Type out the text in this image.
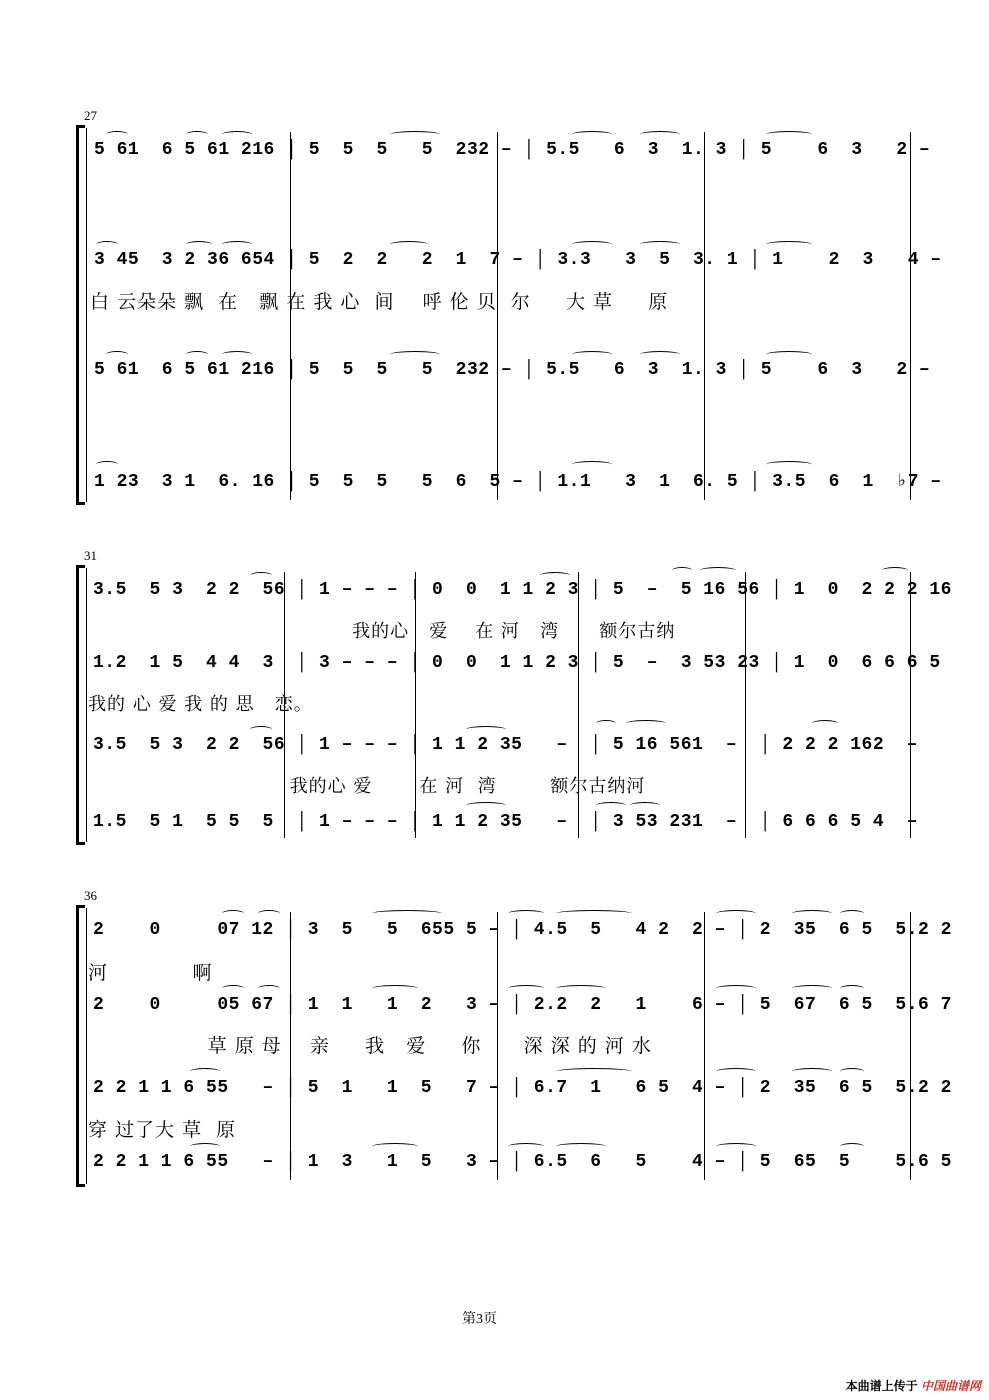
27
5 61  6 5 61 216 │ 5  5  5   5  232 – │ 5.5   6  3  1. 3 │ 5    6  3   2 –
3 45  3 2 36 654 │ 5  2  2   2  1  7 – │ 3.3   3  5  3. 1 │ 1    2  3   4 –
白 云朵朵 飘  在   飘 在 我 心  间    呼 伦 贝  尔     大 草     原
5 61  6 5 61 216 │ 5  5  5   5  232 – │ 5.5   6  3  1. 3 │ 5    6  3   2 –
1 23  3 1  6. 16 │ 5  5  5   5  6  5 – │ 1.1   3  1  6. 5 │ 3.5  6  1  ♭7 –
31
3.5  5 3  2 2  56 │ 1 – – – │ 0  0  1 1 2 3 │ 5  –  5 16 56 │ 1  0  2 2 2 16
我的心   爱    在 河   湾      额尔古纳
1.2  1 5  4 4  3  │ 3 – – – │ 0  0  1 1 2 3 │ 5  –  3 53 23 │ 1  0  6 6 6 5
我的 心 爱 我 的 思   恋。
3.5  5 3  2 2  56 │ 1 – – – │ 1 1 2 35   –  │ 5 16 561  –  │ 2 2 2 162  –
我的心 爱       在 河  湾        额尔古纳河
1.5  5 1  5 5  5  │ 1 – – – │ 1 1 2 35   –  │ 3 53 231  –  │ 6 6 6 5 4  –
36
2    0     07 12 │ 3  5   5  655 5 – │ 4.5  5   4 2  2 – │ 2  35  6 5  5.2 2
河            啊
2    0     05 67 │ 1  1   1  2   3 – │ 2.2  2   1    6 – │ 5  67  6 5  5.6 7
草 原 母    亲     我   爱     你      深 深 的 河 水
2 2 1 1 6 55   – │ 5  1   1  5   7 – │ 6.7  1   6 5  4 – │ 2  35  6 5  5.2 2
穿 过了大 草  原
2 2 1 1 6 55   – │ 1  3   1  5   3 – │ 6.5  6   5    4 – │ 5  65  5    5.6 5
第3页
本曲谱上传于 中国曲谱网
